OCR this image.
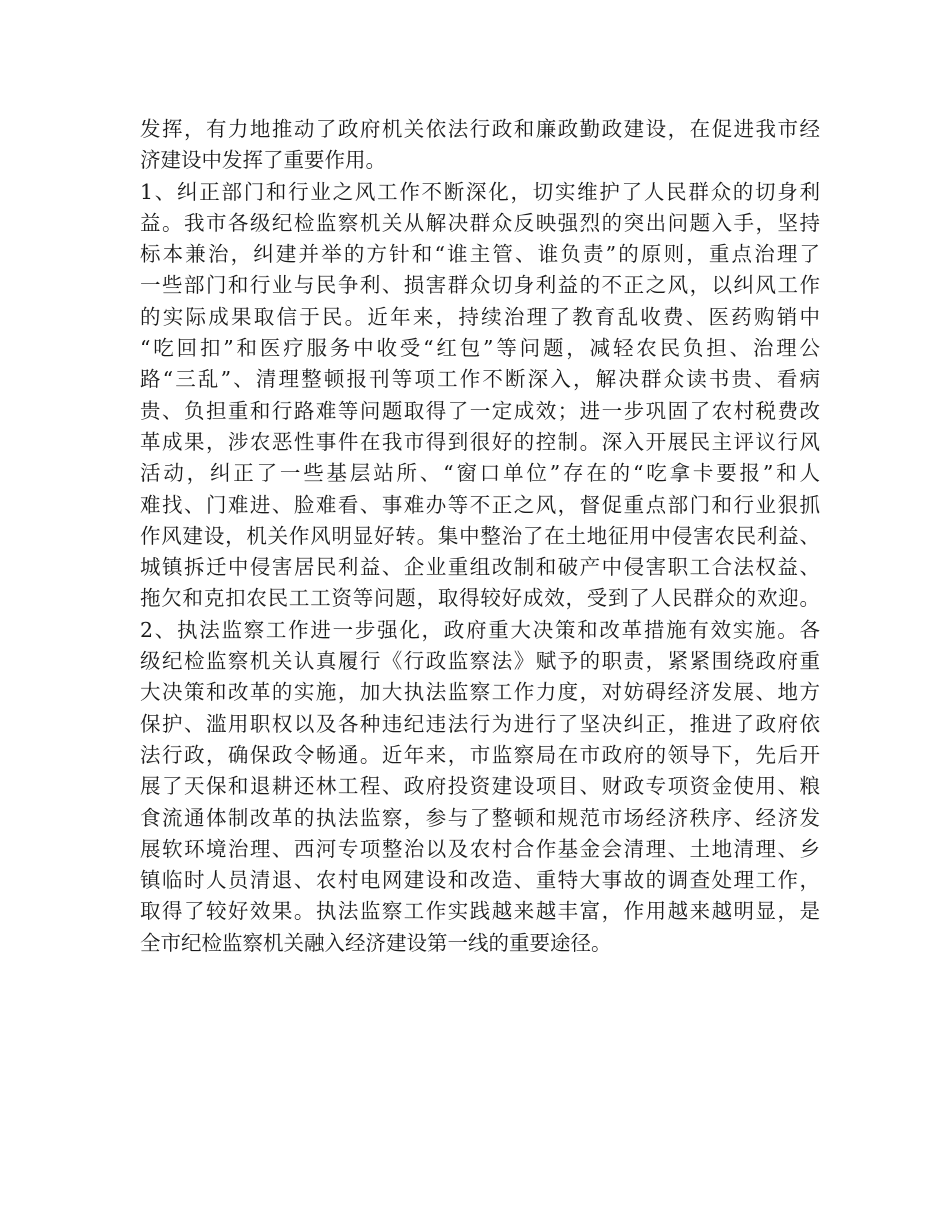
发挥，有力地推动了政府机关依法行政和廉政勤政建设，在促进我市经
济建设中发挥了重要作用。
1、纠正部门和行业之风工作不断深化，切实维护了人民群众的切身利
益。我市各级纪检监察机关从解决群众反映强烈的突出问题入手，坚持
标本兼治，纠建并举的方针和“谁主管、谁负责”的原则，重点治理了
一些部门和行业与民争利、损害群众切身利益的不正之风，以纠风工作
的实际成果取信于民。近年来，持续治理了教育乱收费、医药购销中
“吃回扣”和医疗服务中收受“红包”等问题，减轻农民负担、治理公
路“三乱”、清理整顿报刊等项工作不断深入，解决群众读书贵、看病
贵、负担重和行路难等问题取得了一定成效；进一步巩固了农村税费改
革成果，涉农恶性事件在我市得到很好的控制。深入开展民主评议行风
活动，纠正了一些基层站所、“窗口单位”存在的“吃拿卡要报”和人
难找、门难进、脸难看、事难办等不正之风，督促重点部门和行业狠抓
作风建设，机关作风明显好转。集中整治了在土地征用中侵害农民利益、
城镇拆迁中侵害居民利益、企业重组改制和破产中侵害职工合法权益、
拖欠和克扣农民工工资等问题，取得较好成效，受到了人民群众的欢迎。
2、执法监察工作进一步强化，政府重大决策和改革措施有效实施。各
级纪检监察机关认真履行《行政监察法》赋予的职责，紧紧围绕政府重
大决策和改革的实施，加大执法监察工作力度，对妨碍经济发展、地方
保护、滥用职权以及各种违纪违法行为进行了坚决纠正，推进了政府依
法行政，确保政令畅通。近年来，市监察局在市政府的领导下，先后开
展了天保和退耕还林工程、政府投资建设项目、财政专项资金使用、粮
食流通体制改革的执法监察，参与了整顿和规范市场经济秩序、经济发
展软环境治理、西河专项整治以及农村合作基金会清理、土地清理、乡
镇临时人员清退、农村电网建设和改造、重特大事故的调查处理工作，
取得了较好效果。执法监察工作实践越来越丰富，作用越来越明显，是
全市纪检监察机关融入经济建设第一线的重要途径。
